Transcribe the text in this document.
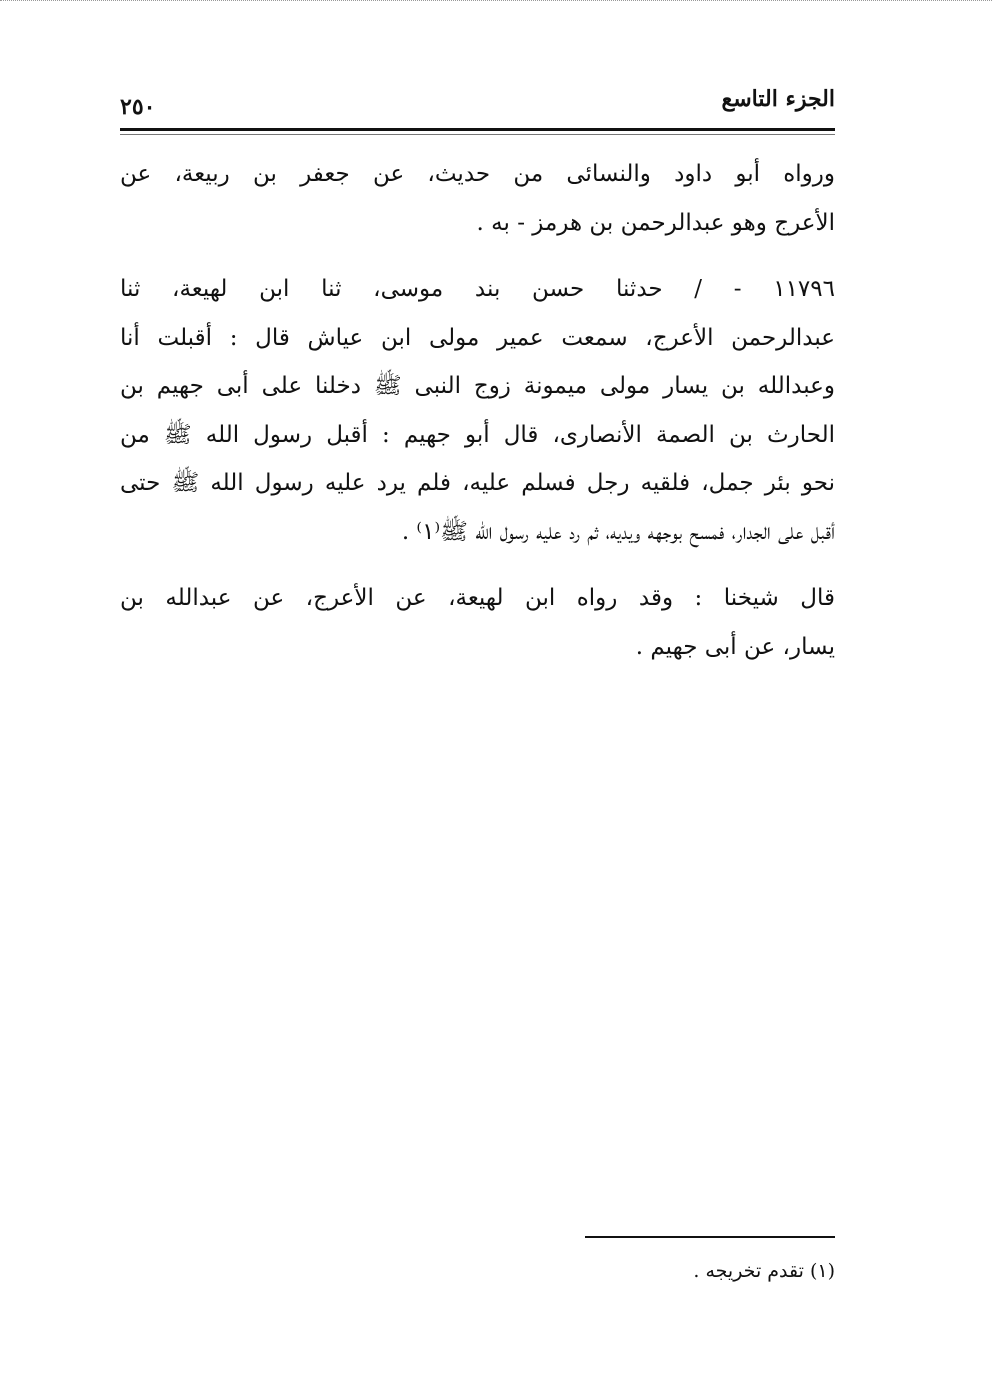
الجزء التاسع
٢٥٠

ورواه أبو داود والنسائى من حديث، عن جعفر بن ربيعة، عن
الأعرج وهو عبدالرحمن بن هرمز - به .

١١٧٩٦ - / حدثنا حسن بند موسى، ثنا ابن لهيعة، ثنا
عبدالرحمن الأعرج، سمعت عمير مولى ابن عياش قال : أقبلت أنا
وعبدالله بن يسار مولى ميمونة زوج النبى ﷺ دخلنا على أبى جهيم بن
الحارث بن الصمة الأنصارى، قال أبو جهيم : أقبل رسول الله ﷺ من
نحو بئر جمل، فلقيه رجل فسلم عليه، فلم يرد عليه رسول الله ﷺ حتى
أقبل على الجدار، فمسح بوجهه ويديه، ثم رد عليه رسول الله ﷺ⁽١⁾ .

قال شيخنا : وقد رواه ابن لهيعة، عن الأعرج، عن عبدالله بن
يسار، عن أبى جهيم .

(١) تقدم تخريجه .
